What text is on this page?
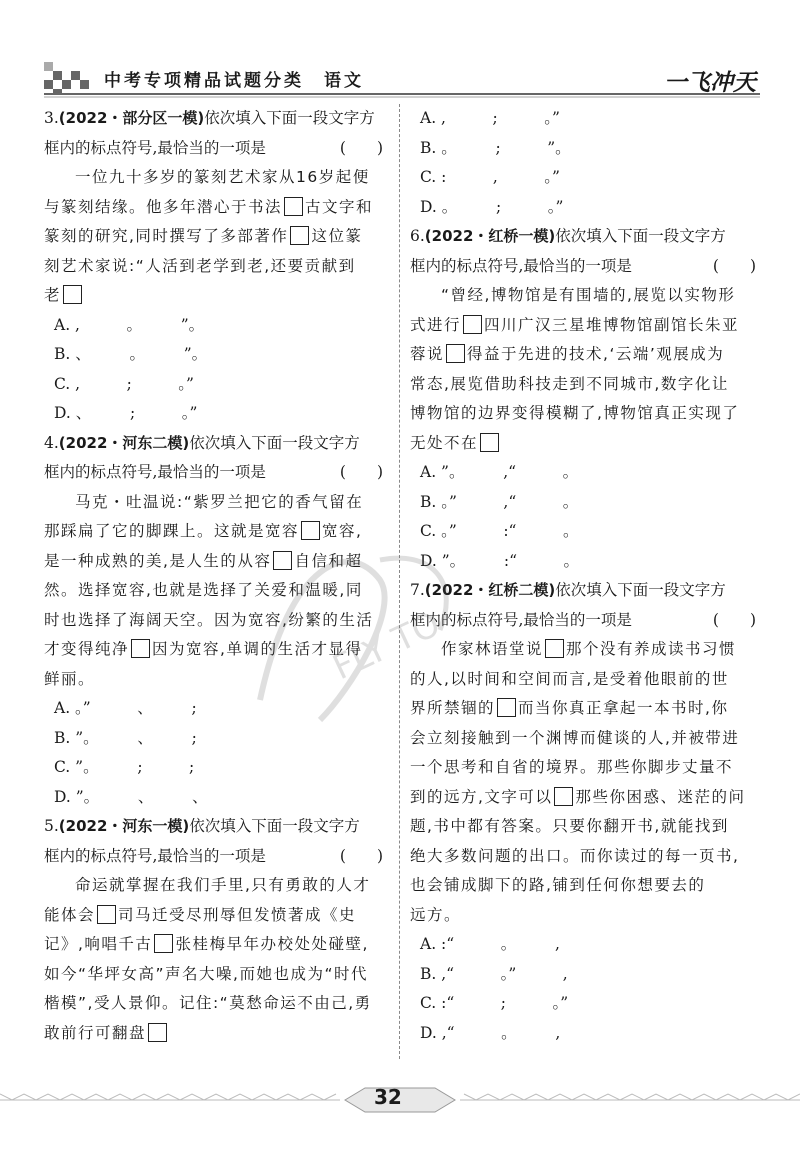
中考专项精品试题分类　语文	一飞冲天

3.(2022・部分区一模)依次填入下面一段文字方

框内的标点符号,最恰当的一项是	(　　)

一位九十多岁的篆刻艺术家从16岁起便

与篆刻结缘。他多年潜心于书法 古文字和

篆刻的研究,同时撰写了多部著作 这位篆

刻艺术家说:“人活到老学到老,还要贡献到

老

A. ,　　　。　　　”。
B. 、　　　。　　　”。
C. ,　　　;　　　。”
D. 、　　　;　　　。”

4.(2022・河东二模)依次填入下面一段文字方

框内的标点符号,最恰当的一项是	(　　)

马克・吐温说:“紫罗兰把它的香气留在

那踩扁了它的脚踝上。这就是宽容 宽容,

是一种成熟的美,是人生的从容 自信和超

然。选择宽容,也就是选择了关爱和温暖,同

时也选择了海阔天空。因为宽容,纷繁的生活

才变得纯净 因为宽容,单调的生活才显得

鲜丽。

A. 。”　　　、　　　;
B. ”。　　　、　　　;
C. ”。　　　;　　　;
D. ”。　　　、　　　、

5.(2022・河东一模)依次填入下面一段文字方

框内的标点符号,最恰当的一项是	(　　)

命运就掌握在我们手里,只有勇敢的人才

能体会 司马迁受尽刑辱但发愤著成《史

记》,响唱千古 张桂梅早年办校处处碰壁,

如今“华坪女高”声名大噪,而她也成为“时代

楷模”,受人景仰。记住:“莫愁命运不由己,勇

敢前行可翻盘

A. ,　　　;　　　。”
B. 。　　　;　　　”。
C. :　　　,　　　。”
D. 。　　　;　　　。”

6.(2022・红桥一模)依次填入下面一段文字方

框内的标点符号,最恰当的一项是	(　　)

“曾经,博物馆是有围墙的,展览以实物形

式进行 四川广汉三星堆博物馆副馆长朱亚

蓉说 得益于先进的技术,‘云端’观展成为

常态,展览借助科技走到不同城市,数字化让

博物馆的边界变得模糊了,博物馆真正实现了

无处不在

A. ”。　　　,“　　　。
B. 。”　　　,“　　　。
C. 。”　　　:“　　　。
D. ”。　　　:“　　　。

7.(2022・红桥二模)依次填入下面一段文字方

框内的标点符号,最恰当的一项是	(　　)

作家林语堂说 那个没有养成读书习惯

的人,以时间和空间而言,是受着他眼前的世

界所禁锢的 而当你真正拿起一本书时,你

会立刻接触到一个渊博而健谈的人,并被带进

一个思考和自省的境界。那些你脚步丈量不

到的远方,文字可以 那些你困惑、迷茫的问

题,书中都有答案。只要你翻开书,就能找到

绝大多数问题的出口。而你读过的每一页书,

也会铺成脚下的路,铺到任何你想要去的

远方。

A. :“　　　。　　　,
B. ,“　　　。”　　　,
C. :“　　　;　　　。”
D. ,“　　　。　　　,
FLY TO
32
